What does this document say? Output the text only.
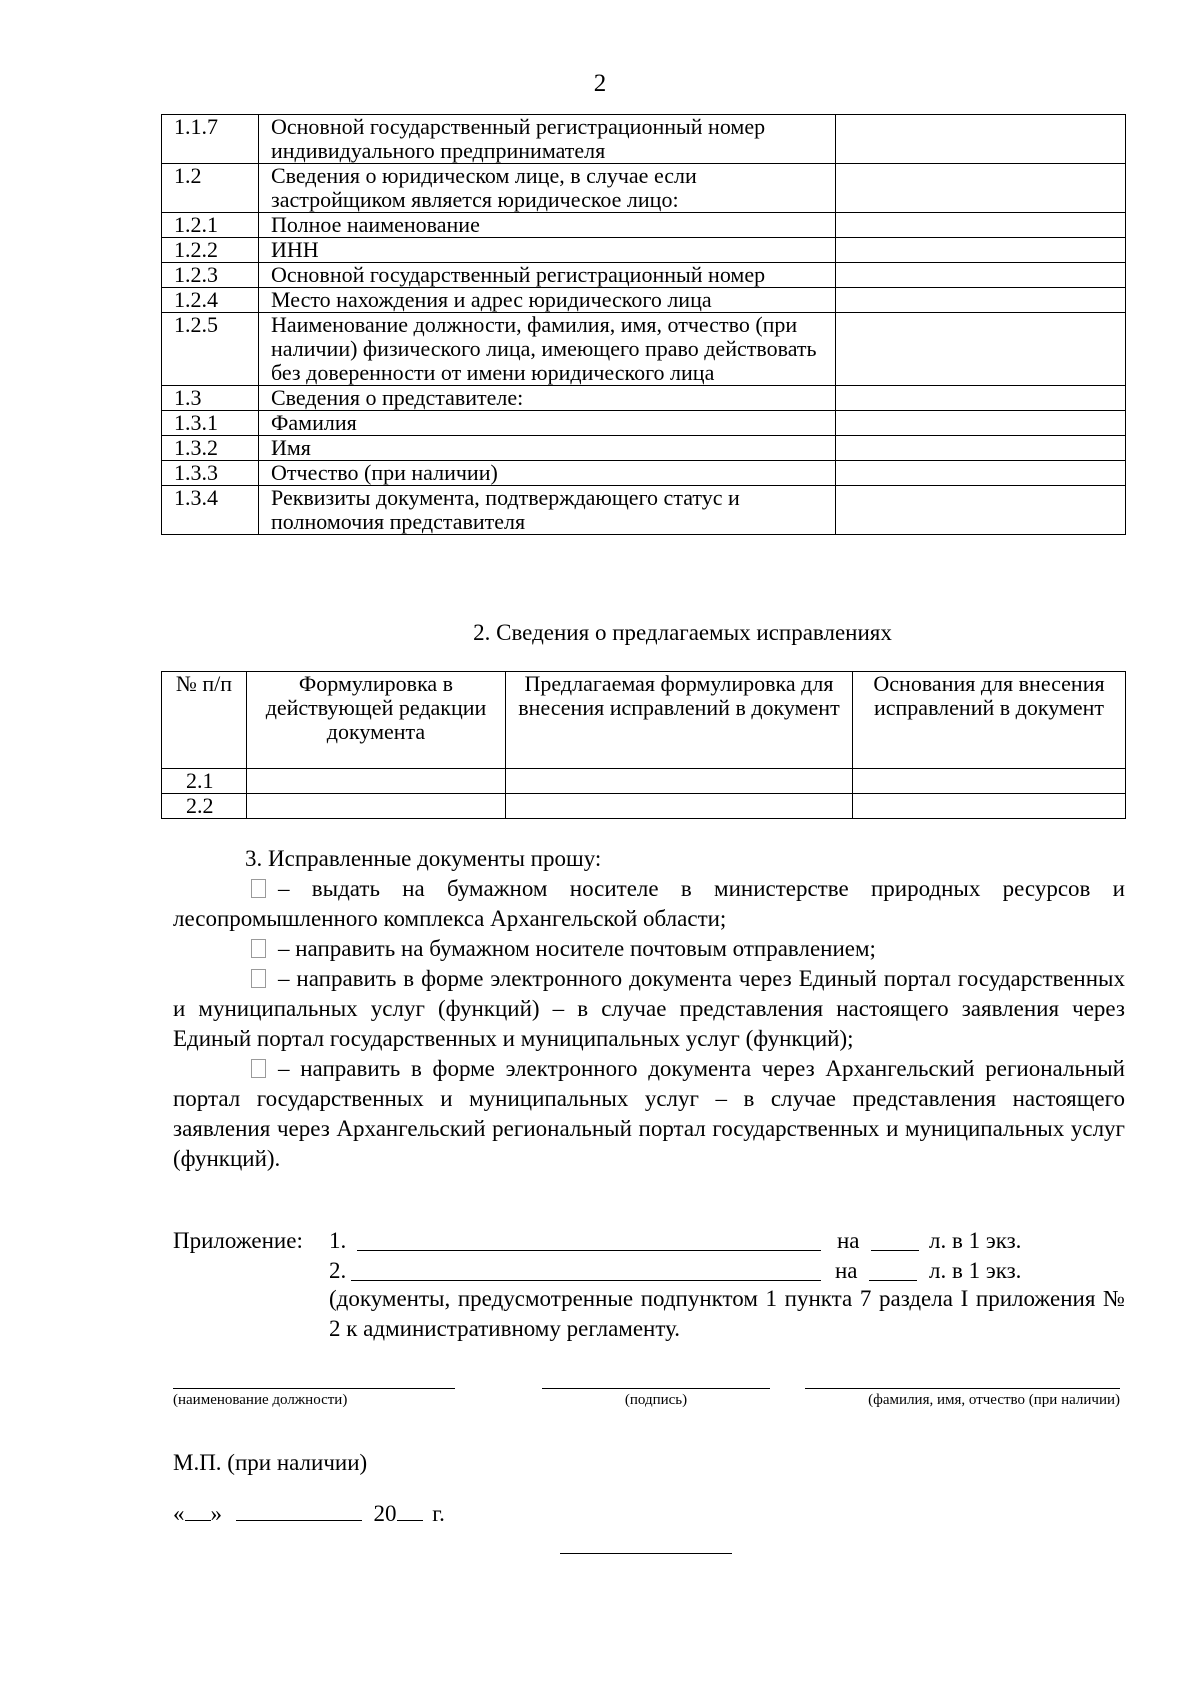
2
1.1.7	Основной государственный регистрационный номер индивидуального предпринимателя	
1.2	Сведения о юридическом лице, в случае если застройщиком является юридическое лицо:	
1.2.1	Полное наименование	
1.2.2	ИНН	
1.2.3	Основной государственный регистрационный номер	
1.2.4	Место нахождения и адрес юридического лица	
1.2.5	Наименование должности, фамилия, имя, отчество (при наличии) физического лица, имеющего право действовать без доверенности от имени юридического лица	
1.3	Сведения о представителе:	
1.3.1	Фамилия	
1.3.2	Имя	
1.3.3	Отчество (при наличии)	
1.3.4	Реквизиты документа, подтверждающего статус и полномочия представителя	
2. Сведения о предлагаемых исправлениях
№ п/п	Формулировка в действующей редакции документа	Предлагаемая формулировка для внесения исправлений в документ	Основания для внесения исправлений в документ
2.1			
2.2			

3. Исправленные документы прошу:

– выдать на бумажном носителе в министерстве природных ресурсов и лесопромышленного комплекса Архангельской области;

– направить на бумажном носителе почтовым отправлением;

– направить в форме электронного документа через Единый портал государственных и муниципальных услуг (функций) – в случае представления настоящего заявления через Единый портал государственных и муниципальных услуг (функций);

– направить в форме электронного документа через Архангельский региональный портал государственных и муниципальных услуг – в случае представления настоящего заявления через Архангельский региональный портал государственных и муниципальных услуг (функций).

Приложение: 1.	на	л. в 1 экз.
2.	на	л. в 1 экз.
(документы, предусмотренные подпунктом 1 пункта 7 раздела I приложения № 2 к административному регламенту.
(наименование должности)	(подпись)	(фамилия, имя, отчество (при наличии)
М.П. (при наличии)
« »	20 г.
